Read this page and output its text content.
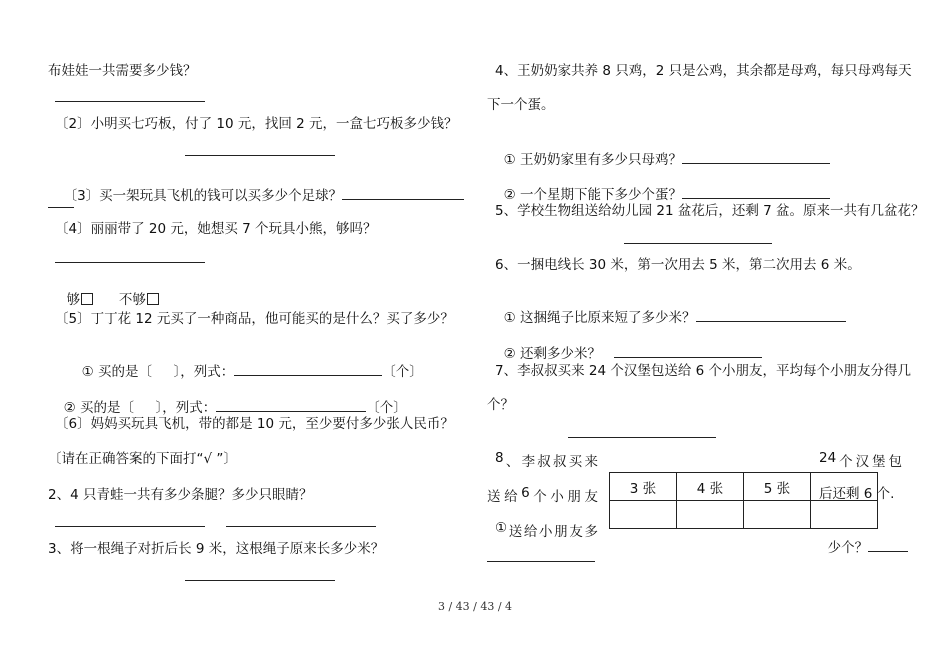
布娃娃一共需要多少钱？
〔2〕小明买七巧板，付了 10 元，找回 2 元，一盒七巧板多少钱？

〔3〕买一架玩具飞机的钱可以买多少个足球？

〔4〕丽丽带了 20 元，她想买 7 个玩具小熊，够吗？

够	不够

〔5〕丁丁花 12 元买了一种商品，他可能买的是什么？买了多少？

① 买的是〔     〕，列式：	〔个〕

② 买的是〔     〕，列式：	〔个〕

〔6〕妈妈买玩具飞机，带的都是 10 元，至少要付多少张人民币？
〔请在正确答案的下面打“√ ”〕
2、4 只青蛙一共有多少条腿？多少只眼睛？
3、将一根绳子对折后长 9 米，这根绳子原来长多少米？
4、王奶奶家共养 8 只鸡，2 只是公鸡，其余都是母鸡，每只母鸡每天
下一个蛋。

① 王奶奶家里有多少只母鸡？

② 一个星期下能下多少个蛋？

5、学校生物组送给幼儿园 21 盆花后，还剩 7 盆。原来一共有几盆花？
6、一捆电线长 30 米，第一次用去 5 米，第二次用去 6 米。

① 这捆绳子比原来短了多少米？

② 还剩多少米？

7、李叔叔买来 24 个汉堡包送给 6 个小朋友，平均每个小朋友分得几
个？
8 、 李 叔 叔 买 来
送 给 6 个 小 朋 友
① 送 给 小 朋 友 多
3 张	4 张	5 张	

24 个 汉 堡 包
后还剩 6 个.

少个？

3 / 43 / 43 / 4
